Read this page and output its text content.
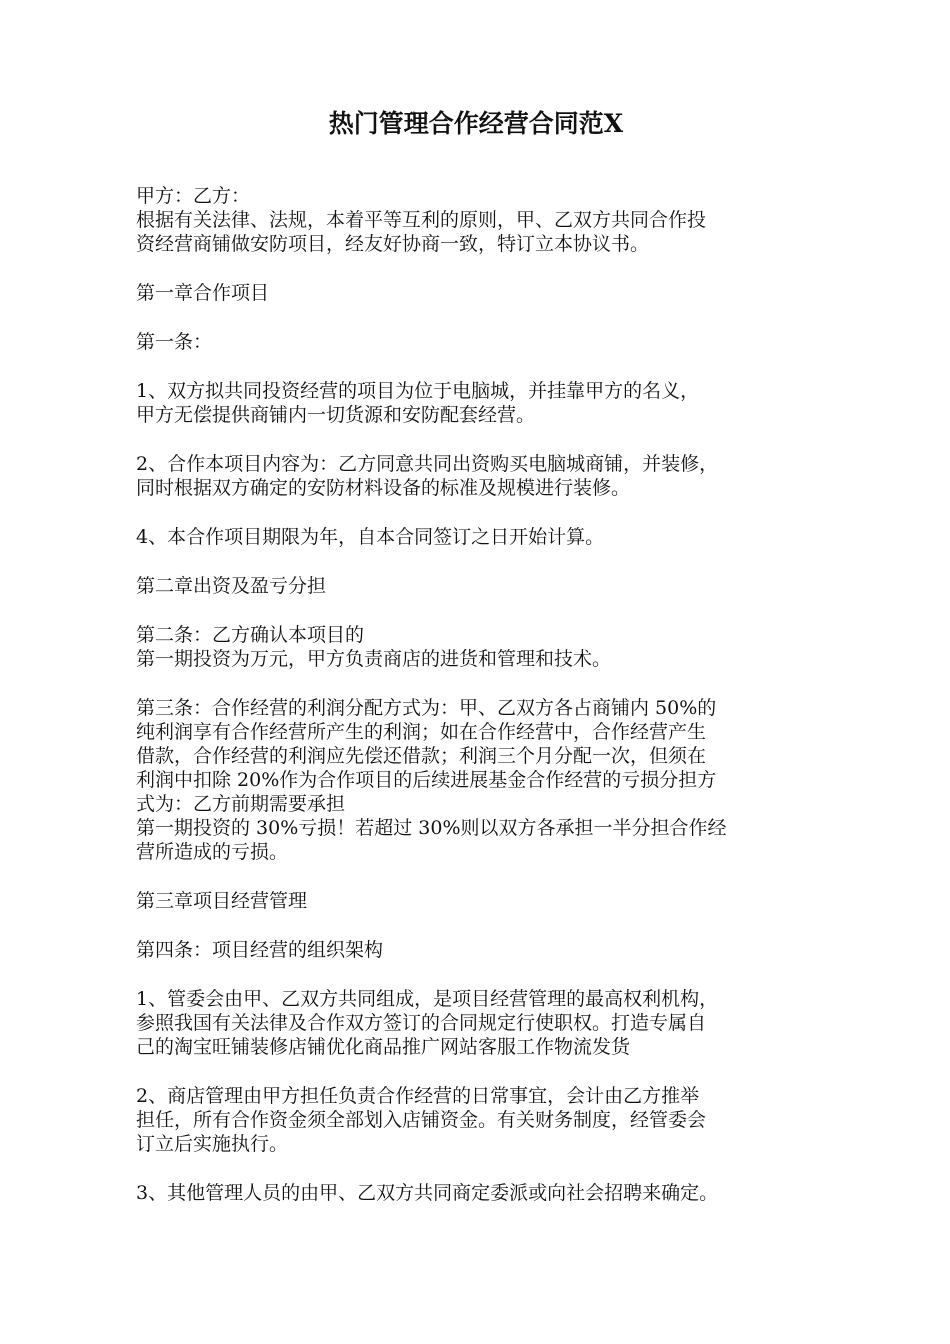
热门管理合作经营合同范X
甲方：乙方：
根据有关法律、法规，本着平等互利的原则，甲、乙双方共同合作投
资经营商铺做安防项目，经友好协商一致，特订立本协议书。
第一章合作项目
第一条：
1、双方拟共同投资经营的项目为位于电脑城，并挂靠甲方的名义，
甲方无偿提供商铺内一切货源和安防配套经营。
2、合作本项目内容为：乙方同意共同出资购买电脑城商铺，并装修，
同时根据双方确定的安防材料设备的标准及规模进行装修。
4、本合作项目期限为年，自本合同签订之日开始计算。
第二章出资及盈亏分担
第二条：乙方确认本项目的
第一期投资为万元，甲方负责商店的进货和管理和技术。
第三条：合作经营的利润分配方式为：甲、乙双方各占商铺内 50%的
纯利润享有合作经营所产生的利润；如在合作经营中，合作经营产生
借款，合作经营的利润应先偿还借款；利润三个月分配一次，但须在
利润中扣除 20%作为合作项目的后续进展基金合作经营的亏损分担方
式为：乙方前期需要承担
第一期投资的 30%亏损！若超过 30%则以双方各承担一半分担合作经
营所造成的亏损。
第三章项目经营管理
第四条：项目经营的组织架构
1、管委会由甲、乙双方共同组成，是项目经营管理的最高权利机构，
参照我国有关法律及合作双方签订的合同规定行使职权。打造专属自
己的淘宝旺铺装修店铺优化商品推广网站客服工作物流发货
2、商店管理由甲方担任负责合作经营的日常事宜，会计由乙方推举
担任，所有合作资金须全部划入店铺资金。有关财务制度，经管委会
订立后实施执行。
3、其他管理人员的由甲、乙双方共同商定委派或向社会招聘来确定。
